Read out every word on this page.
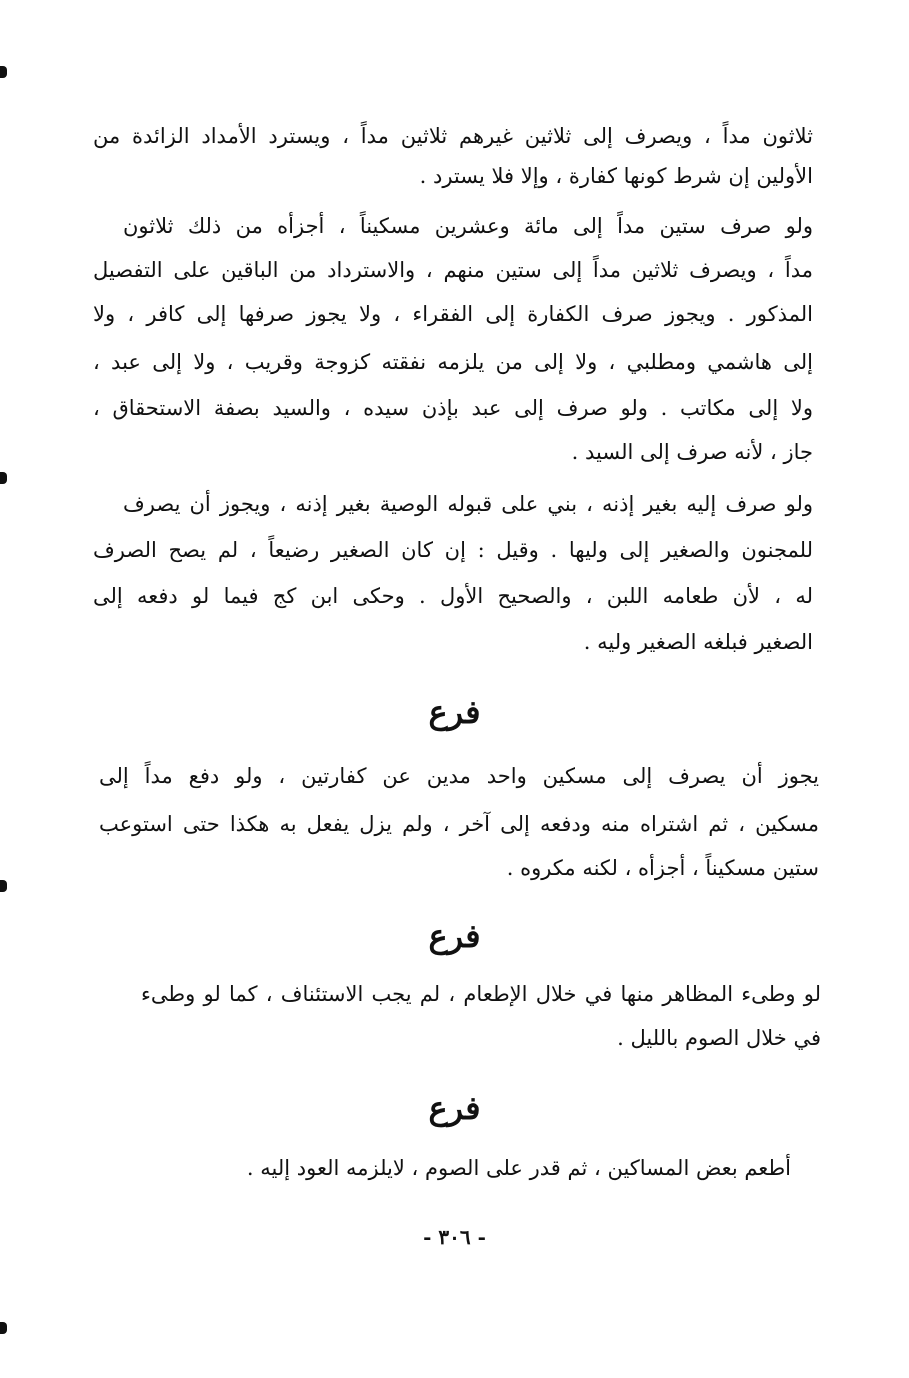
ثلاثون مداً ، ويصرف إلى ثلاثين غيرهم ثلاثين مداً ، ويسترد الأمداد الزائدة من
الأولين إن شرط كونها كفارة ، وإلا فلا يسترد .
ولو صرف ستين مداً إلى مائة وعشرين مسكيناً ، أجزأه من ذلك ثلاثون
مداً ، ويصرف ثلاثين مداً إلى ستين منهم ، والاسترداد من الباقين على التفصيل
المذكور . ويجوز صرف الكفارة إلى الفقراء ، ولا يجوز صرفها إلى كافر ، ولا
إلى هاشمي ومطلبي ، ولا إلى من يلزمه نفقته كزوجة وقريب ، ولا إلى عبد ،
ولا إلى مكاتب . ولو صرف إلى عبد بإذن سيده ، والسيد بصفة الاستحقاق ،
جاز ، لأنه صرف إلى السيد .
ولو صرف إليه بغير إذنه ، بني على قبوله الوصية بغير إذنه ، ويجوز أن يصرف
للمجنون والصغير إلى وليها . وقيل : إن كان الصغير رضيعاً ، لم يصح الصرف
له ، لأن طعامه اللبن ، والصحيح الأول . وحكى ابن كج فيما لو دفعه إلى
الصغير فبلغه الصغير وليه .
فرع
يجوز أن يصرف إلى مسكين واحد مدين عن كفارتين ، ولو دفع مداً إلى
مسكين ، ثم اشتراه منه ودفعه إلى آخر ، ولم يزل يفعل به هكذا حتى استوعب
ستين مسكيناً ، أجزأه ، لكنه مكروه .
فرع
لو وطىء المظاهر منها في خلال الإطعام ، لم يجب الاستئناف ، كما لو وطىء
في خلال الصوم بالليل .
فرع
أطعم بعض المساكين ، ثم قدر على الصوم ، لايلزمه العود إليه .
- ٣٠٦ -
